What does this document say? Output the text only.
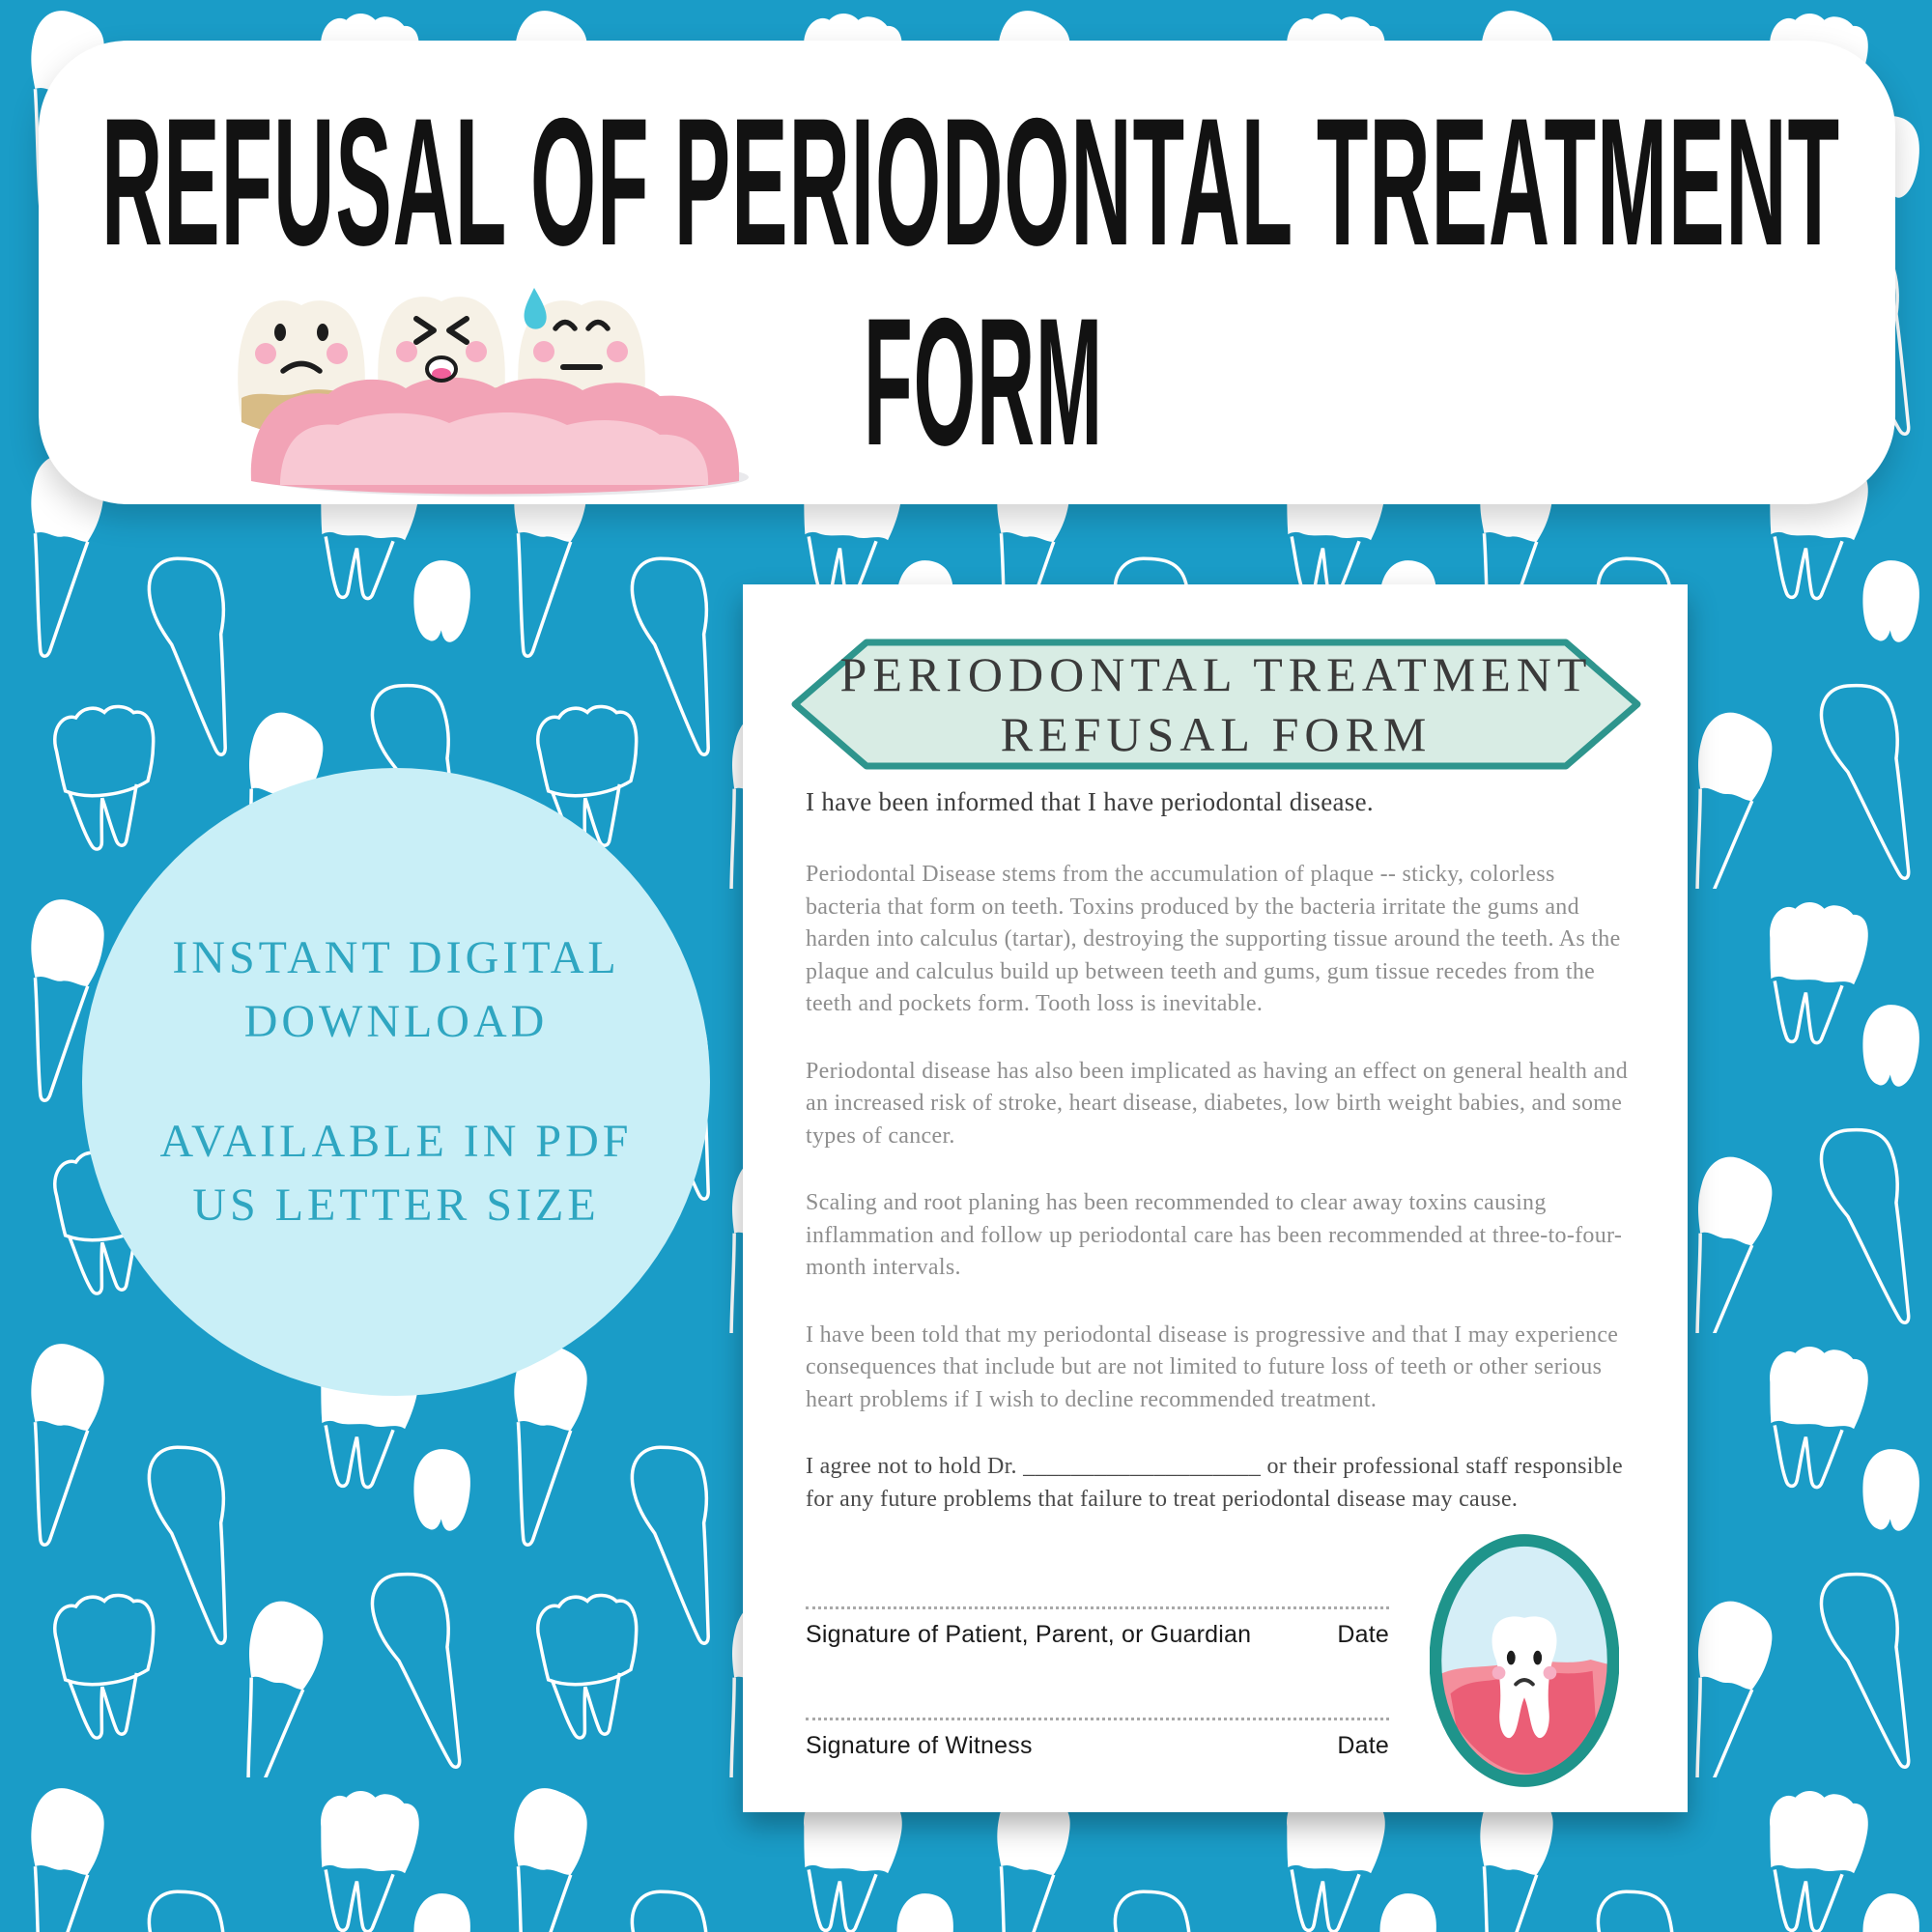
REFUSAL OF PERIODONTAL TREATMENT
FORM
INSTANT DIGITAL
DOWNLOAD
AVAILABLE IN PDF
US LETTER SIZE
PERIODONTAL TREATMENT
REFUSAL FORM

I have been informed that I have periodontal disease.

Periodontal Disease stems from the accumulation of plaque -- sticky, colorless bacteria that form on teeth. Toxins produced by the bacteria irritate the gums and harden into calculus (tartar), destroying the supporting tissue around the teeth. As the plaque and calculus build up between teeth and gums, gum tissue recedes from the teeth and pockets form. Tooth loss is inevitable.

Periodontal disease has also been implicated as having an effect on general health and an increased risk of stroke, heart disease, diabetes, low birth weight babies, and some types of cancer.

Scaling and root planing has been recommended to clear away toxins causing inflammation and follow up periodontal care has been recommended at three-to-four-month intervals.

I have been told that my periodontal disease is progressive and that I may experience consequences that include but are not limited to future loss of teeth or other serious heart problems if I wish to decline recommended treatment.

I agree not to hold Dr. ____________________ or their professional staff responsible for any future problems that failure to treat periodontal disease may cause.

Signature of Patient, Parent, or Guardian	Date
Signature of Witness	Date
